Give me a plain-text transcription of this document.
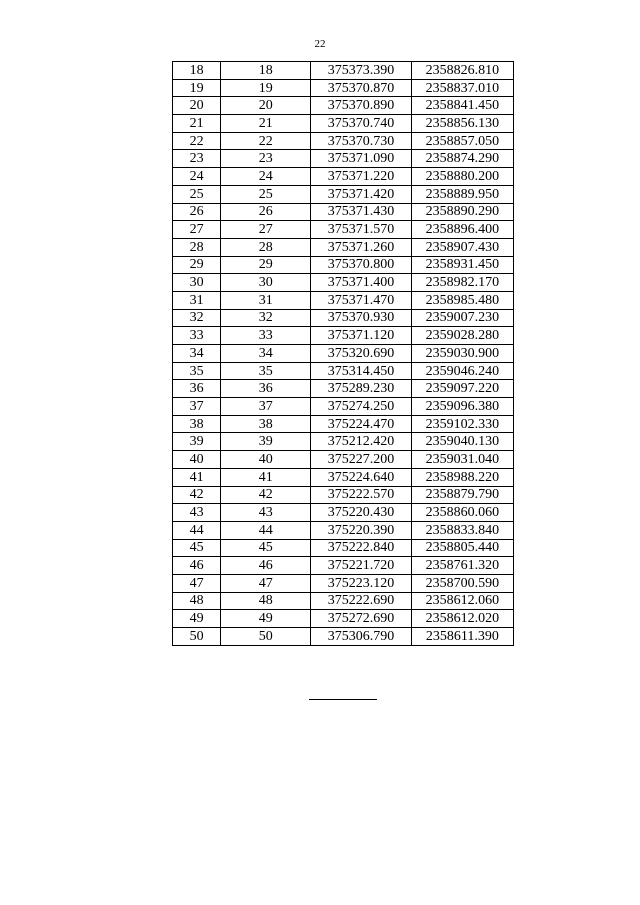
22
18	18	375373.390	2358826.810
19	19	375370.870	2358837.010
20	20	375370.890	2358841.450
21	21	375370.740	2358856.130
22	22	375370.730	2358857.050
23	23	375371.090	2358874.290
24	24	375371.220	2358880.200
25	25	375371.420	2358889.950
26	26	375371.430	2358890.290
27	27	375371.570	2358896.400
28	28	375371.260	2358907.430
29	29	375370.800	2358931.450
30	30	375371.400	2358982.170
31	31	375371.470	2358985.480
32	32	375370.930	2359007.230
33	33	375371.120	2359028.280
34	34	375320.690	2359030.900
35	35	375314.450	2359046.240
36	36	375289.230	2359097.220
37	37	375274.250	2359096.380
38	38	375224.470	2359102.330
39	39	375212.420	2359040.130
40	40	375227.200	2359031.040
41	41	375224.640	2358988.220
42	42	375222.570	2358879.790
43	43	375220.430	2358860.060
44	44	375220.390	2358833.840
45	45	375222.840	2358805.440
46	46	375221.720	2358761.320
47	47	375223.120	2358700.590
48	48	375222.690	2358612.060
49	49	375272.690	2358612.020
50	50	375306.790	2358611.390
